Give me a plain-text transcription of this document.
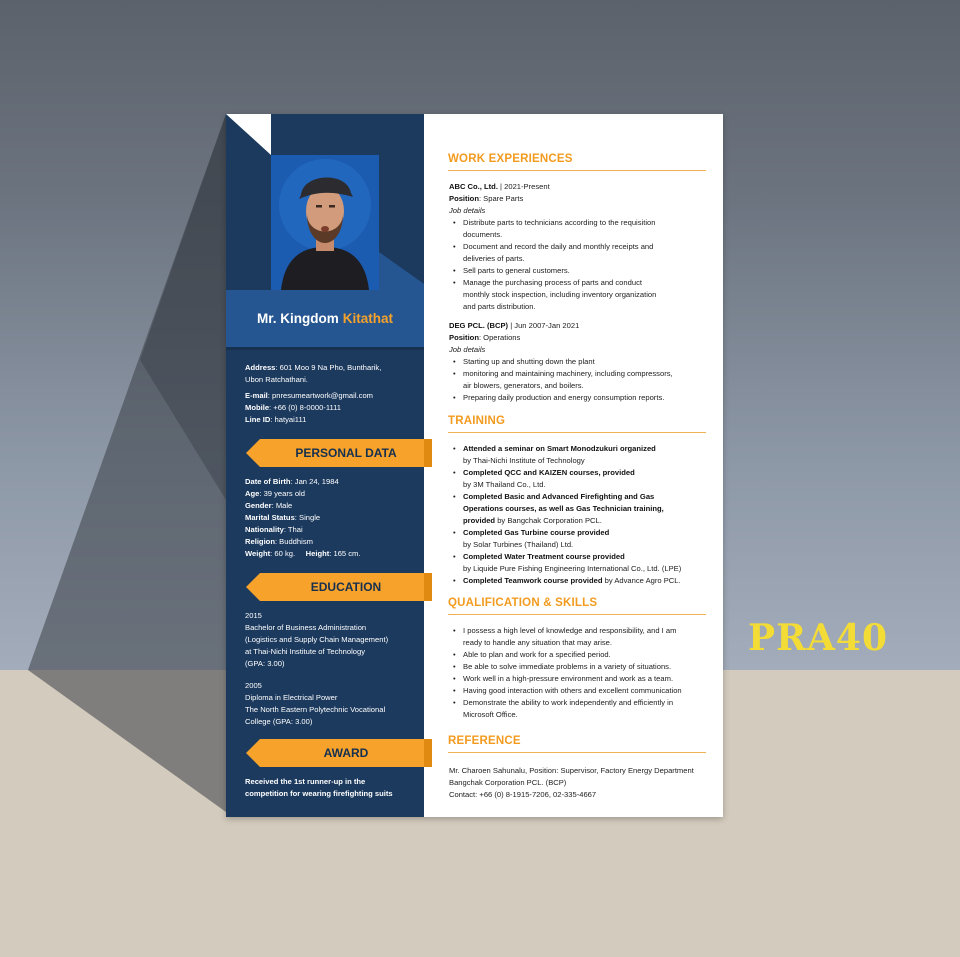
PRA40
Mr. Kingdom Kitathat
Address: 601 Moo 9 Na Pho, Buntharik,
Ubon Ratchathani.
E-mail: pnresumeartwork@gmail.com
Mobile: +66 (0) 8-0000-1111
Line ID: hatyai111
PERSONAL DATA
Date of Birth: Jan 24, 1984
Age: 39 years old
Gender: Male
Marital Status: Single
Nationality: Thai
Religion: Buddhism
Weight: 60 kg. Height: 165 cm.
EDUCATION
2015
Bachelor of Business Administration
(Logistics and Supply Chain Management)
at Thai-Nichi Institute of Technology
(GPA: 3.00)
2005
Diploma in Electrical Power
The North Eastern Polytechnic Vocational
College (GPA: 3.00)
AWARD
Received the 1st runner-up in the
competition for wearing firefighting suits
WORK EXPERIENCES
ABC Co., Ltd. | 2021-Present
Position: Spare Parts
Job details
• Distribute parts to technicians according to the requisition
documents.
• Document and record the daily and monthly receipts and
deliveries of parts.
• Sell parts to general customers.
• Manage the purchasing process of parts and conduct
monthly stock inspection, including inventory organization
and parts distribution.
DEG PCL. (BCP) | Jun 2007-Jan 2021
Position: Operations
Job details
• Starting up and shutting down the plant
• monitoring and maintaining machinery, including compressors,
air blowers, generators, and boilers.
• Preparing daily production and energy consumption reports.
TRAINING
• Attended a seminar on Smart Monodzukuri organized
by Thai-Nichi Institute of Technology
• Completed QCC and KAIZEN courses, provided
by 3M Thailand Co., Ltd.
• Completed Basic and Advanced Firefighting and Gas
Operations courses, as well as Gas Technician training,
provided by Bangchak Corporation PCL.
• Completed Gas Turbine course provided
by Solar Turbines (Thailand) Ltd.
• Completed Water Treatment course provided
by Liquide Pure Fishing Engineering International Co., Ltd. (LPE)
• Completed Teamwork course provided by Advance Agro PCL.
QUALIFICATION & SKILLS
• I possess a high level of knowledge and responsibility, and I am
ready to handle any situation that may arise.
• Able to plan and work for a specified period.
• Be able to solve immediate problems in a variety of situations.
• Work well in a high-pressure environment and work as a team.
• Having good interaction with others and excellent communication
• Demonstrate the ability to work independently and efficiently in
Microsoft Office.
REFERENCE
Mr. Charoen Sahunalu, Position: Supervisor, Factory Energy Department
Bangchak Corporation PCL. (BCP)
Contact: +66 (0) 8-1915-7206, 02-335-4667
